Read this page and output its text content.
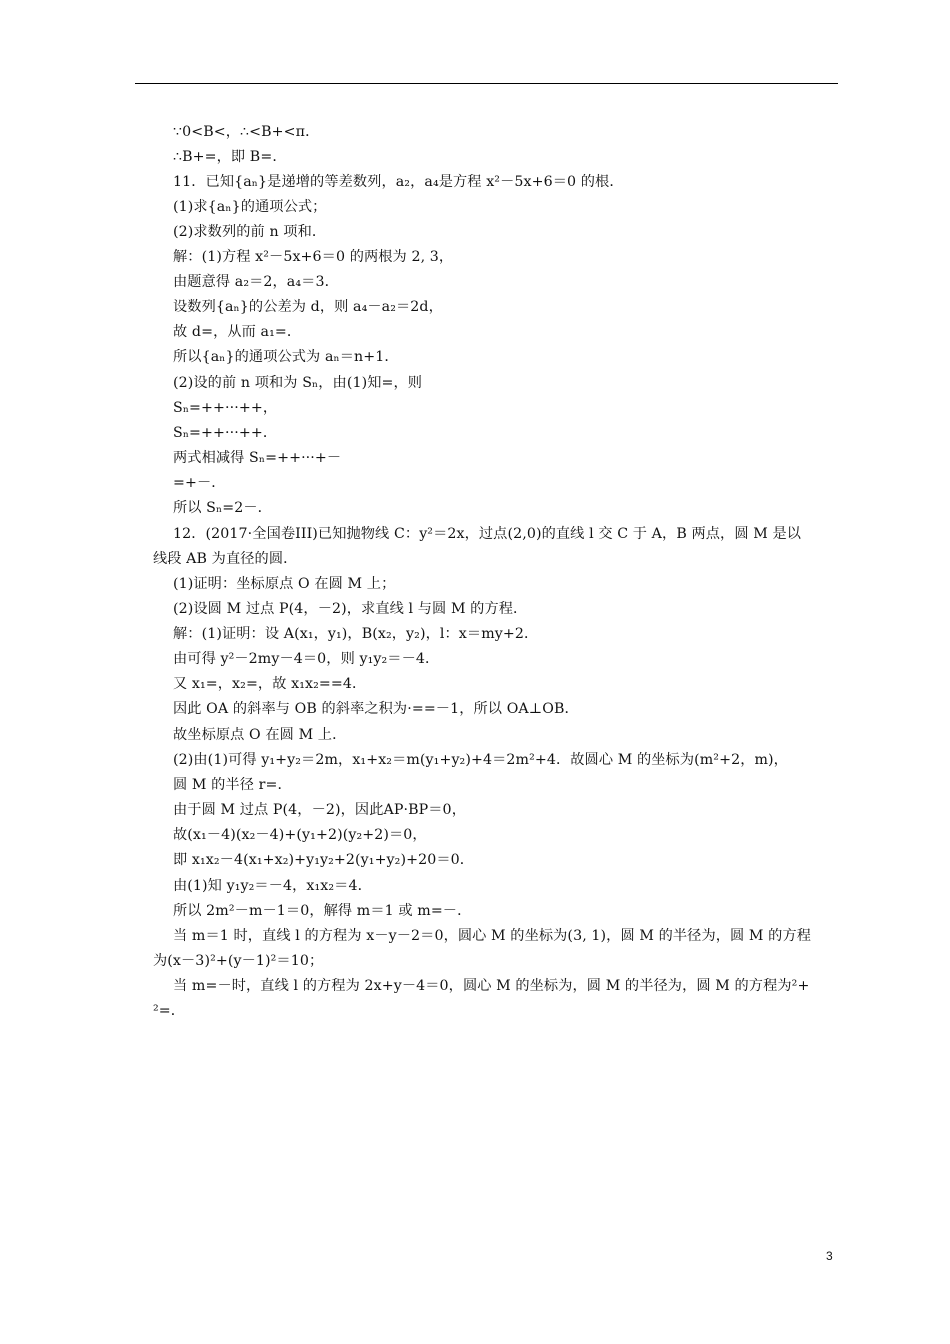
∵0<B<，∴<B+<π．
∴B+=，即 B=．
11．已知{aₙ}是递增的等差数列，a₂，a₄是方程 x²－5x+6＝0 的根．
(1)求{aₙ}的通项公式；
(2)求数列的前 n 项和．
解：(1)方程 x²－5x+6＝0 的两根为 2, 3，
由题意得 a₂＝2，a₄＝3．
设数列{aₙ}的公差为 d，则 a₄－a₂＝2d，
故 d=，从而 a₁=．
所以{aₙ}的通项公式为 aₙ＝n+1．
(2)设的前 n 项和为 Sₙ，由(1)知=，则
Sₙ=++···++，
Sₙ=++···++．
两式相减得 Sₙ=++···+－
=+－．
所以 Sₙ=2－．
12．(2017·全国卷III)已知抛物线 C：y²＝2x，过点(2,0)的直线 l 交 C 于 A，B 两点，圆 M 是以
线段 AB 为直径的圆．
(1)证明：坐标原点 O 在圆 M 上；
(2)设圆 M 过点 P(4，－2)，求直线 l 与圆 M 的方程．
解：(1)证明：设 A(x₁，y₁)，B(x₂，y₂)，l：x＝my+2．
由可得 y²－2my－4＝0，则 y₁y₂＝－4．
又 x₁=，x₂=，故 x₁x₂==4．
因此 OA 的斜率与 OB 的斜率之积为·==－1，所以 OA⊥OB．
故坐标原点 O 在圆 M 上．
(2)由(1)可得 y₁+y₂＝2m，x₁+x₂＝m(y₁+y₂)+4＝2m²+4．故圆心 M 的坐标为(m²+2，m)，
圆 M 的半径 r=．
由于圆 M 过点 P(4，－2)，因此AP·BP＝0，
故(x₁－4)(x₂－4)+(y₁+2)(y₂+2)＝0，
即 x₁x₂－4(x₁+x₂)+y₁y₂+2(y₁+y₂)+20＝0．
由(1)知 y₁y₂＝－4，x₁x₂＝4．
所以 2m²－m－1＝0，解得 m＝1 或 m=－．
当 m＝1 时，直线 l 的方程为 x－y－2＝0，圆心 M 的坐标为(3, 1)，圆 M 的半径为，圆 M 的方程
为(x－3)²+(y－1)²＝10；
当 m=－时，直线 l 的方程为 2x+y－4＝0，圆心 M 的坐标为，圆 M 的半径为，圆 M 的方程为²+
²=．
3
